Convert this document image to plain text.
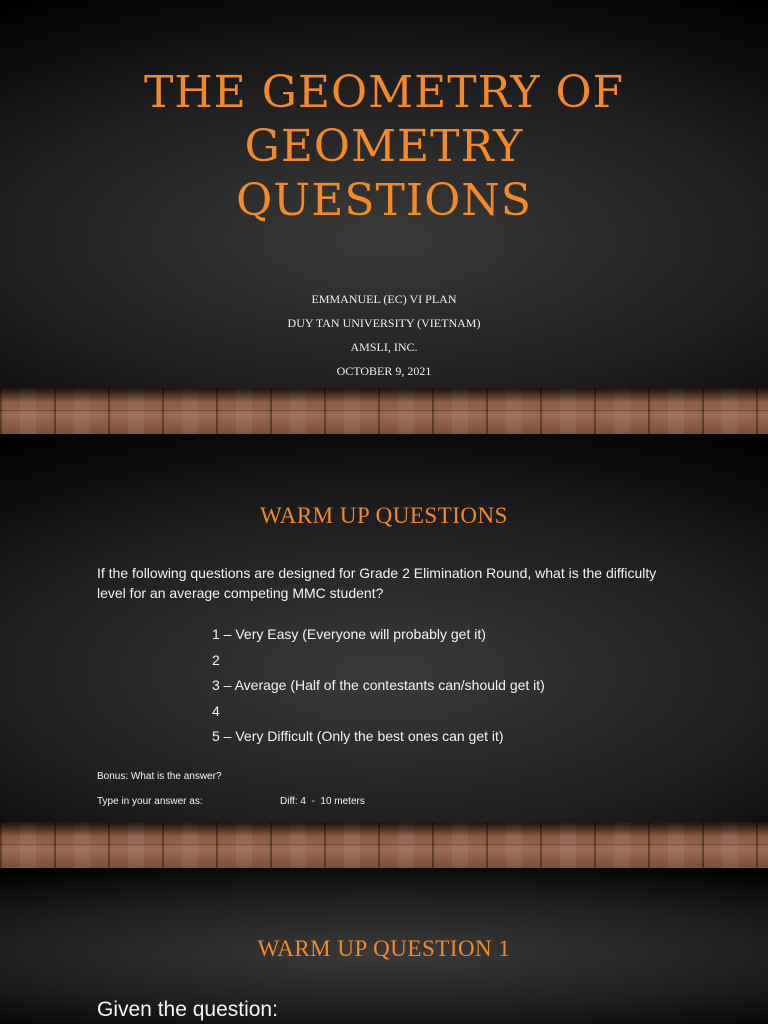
THE GEOMETRY OF
GEOMETRY
QUESTIONS
EMMANUEL (EC) VI PLAN
DUY TAN UNIVERSITY (VIETNAM)
AMSLI, INC.
OCTOBER 9, 2021
WARM UP QUESTIONS
If the following questions are designed for Grade 2 Elimination Round, what is the difficulty level for an average competing MMC student?
1 – Very Easy (Everyone will probably get it)
2
3 – Average (Half of the contestants can/should get it)
4
5 – Very Difficult (Only the best ones can get it)
Bonus: What is the answer?
Type in your answer as:	Diff: 4  -  10 meters
WARM UP QUESTION 1
Given the question:
